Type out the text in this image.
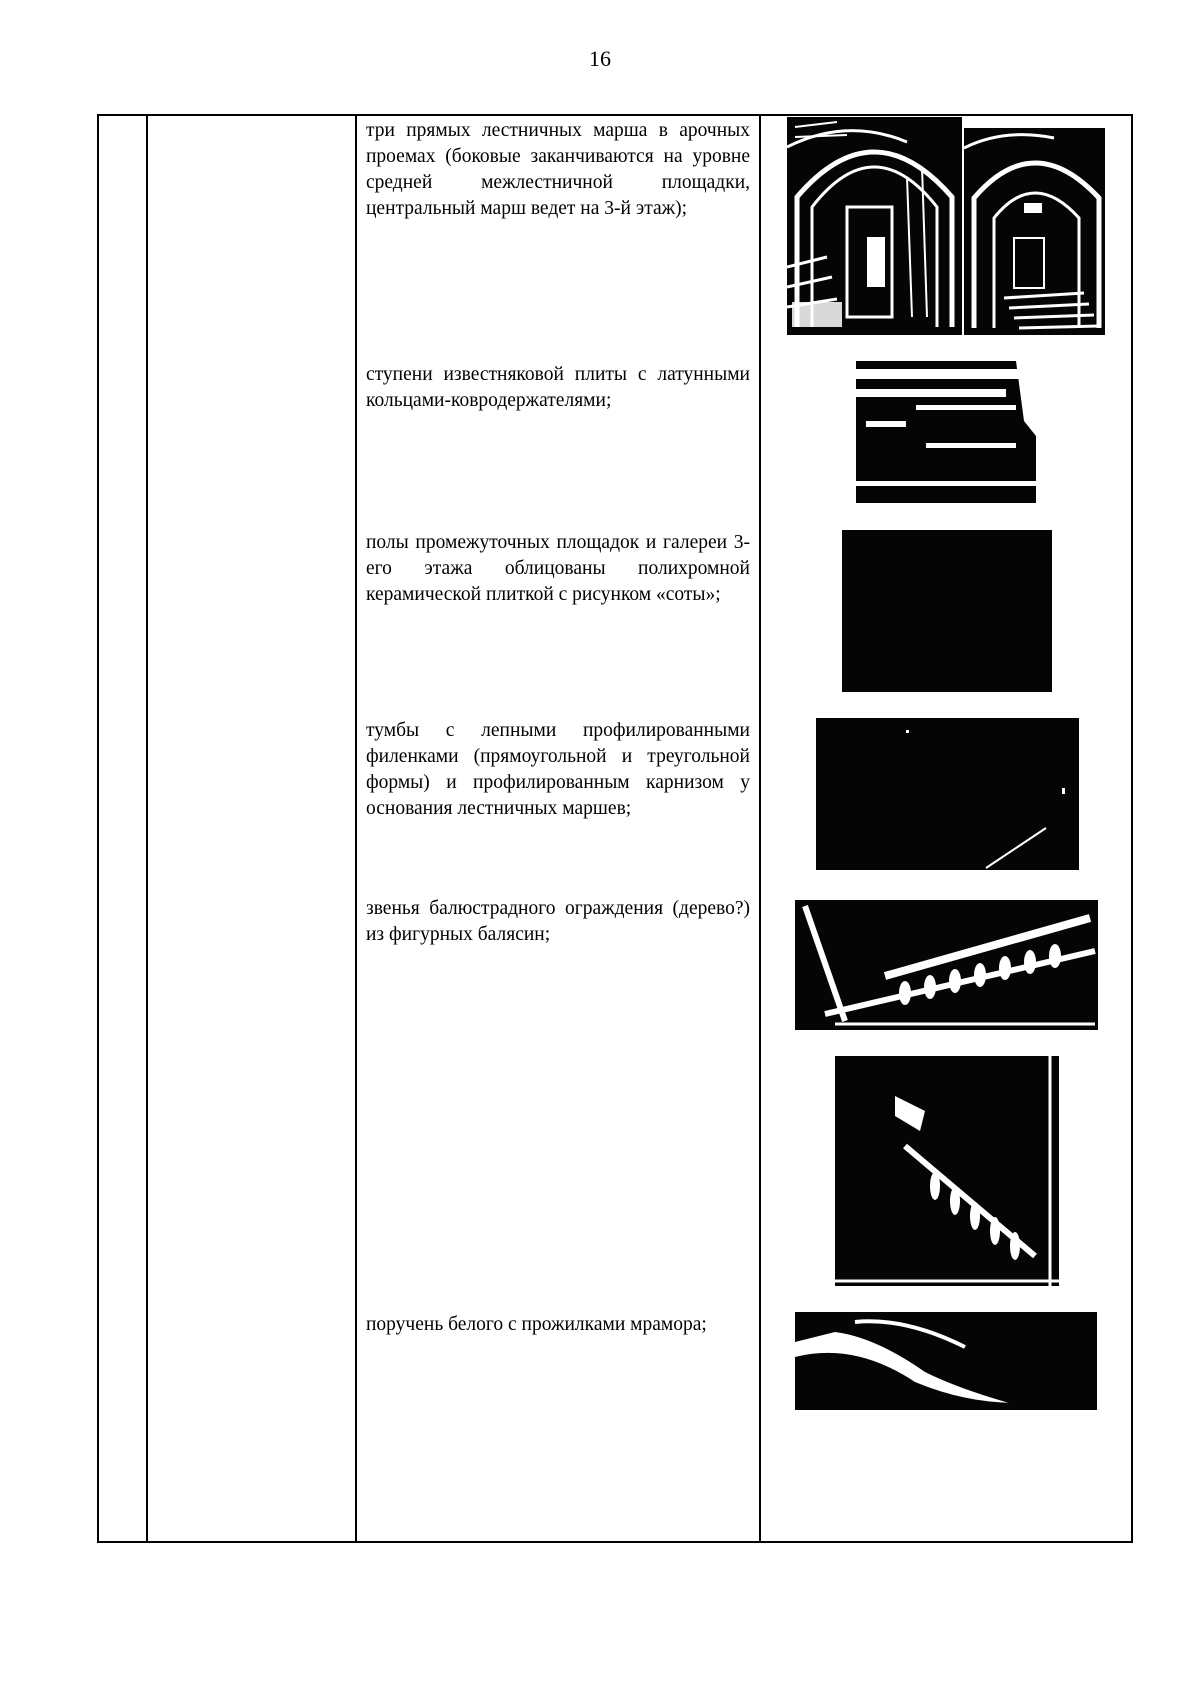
16
три прямых лестничных марша в арочных проемах (боковые заканчиваются на уровне средней межлестничной площадки, центральный марш ведет на 3-й этаж);
ступени известняковой плиты с латунными кольцами-ковродержателями;
полы промежуточных площадок и галереи 3-его этажа облицованы полихромной керамической плиткой с рисунком «соты»;
тумбы с лепными профилированными филенками (прямоугольной и треугольной формы) и профилированным карнизом у основания лестничных маршев;
звенья балюстрадного ограждения (дерево?) из фигурных балясин;
поручень белого с прожилками мрамора;
